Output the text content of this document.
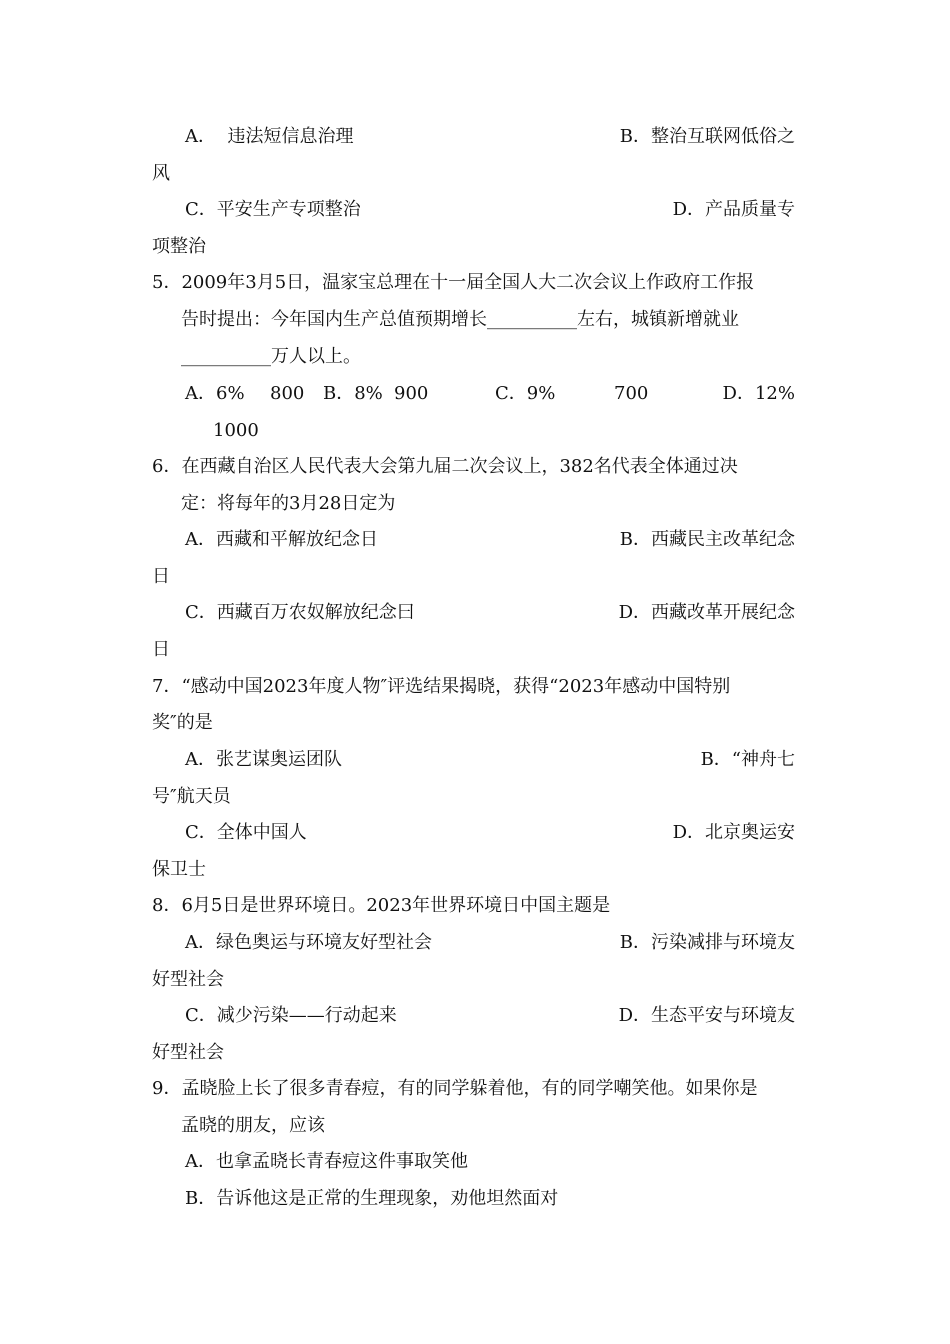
A．  违法短信息治理

	B．整治互联网低俗之

风

C．平安生产专项整治

	D．产品质量专

项整治

5．2009年3月5日，温家宝总理在十一届全国人大二次会议上作政府工作报

告时提出：今年国内生产总值预期增长__________左右，城镇新增就业

__________万人以上。

A．6%

800

B．8%

900

	C．9%

	700

	D．12%

1000

6．在西藏自治区人民代表大会第九届二次会议上，382名代表全体通过决

定：将每年的3月28日定为

A．西藏和平解放纪念日

	B．西藏民主改革纪念

日

C．西藏百万农奴解放纪念曰

	D．西藏改革开展纪念

日

7．“感动中国2023年度人物″评选结果揭晓，获得“2023年感动中国特别

奖″的是

A．张艺谋奥运团队

	B．“神舟七

号″航天员

C．全体中国人

	D．北京奥运安

保卫士

8．6月5日是世界环境日。2023年世界环境日中国主题是

A．绿色奥运与环境友好型社会

	B．污染减排与环境友

好型社会

C．减少污染——行动起来

	D．生态平安与环境友

好型社会

9．孟晓脸上长了很多青春痘，有的同学躲着他，有的同学嘲笑他。如果你是

孟晓的朋友，应该

A．也拿孟晓长青春痘这件事取笑他

B．告诉他这是正常的生理现象，劝他坦然面对
